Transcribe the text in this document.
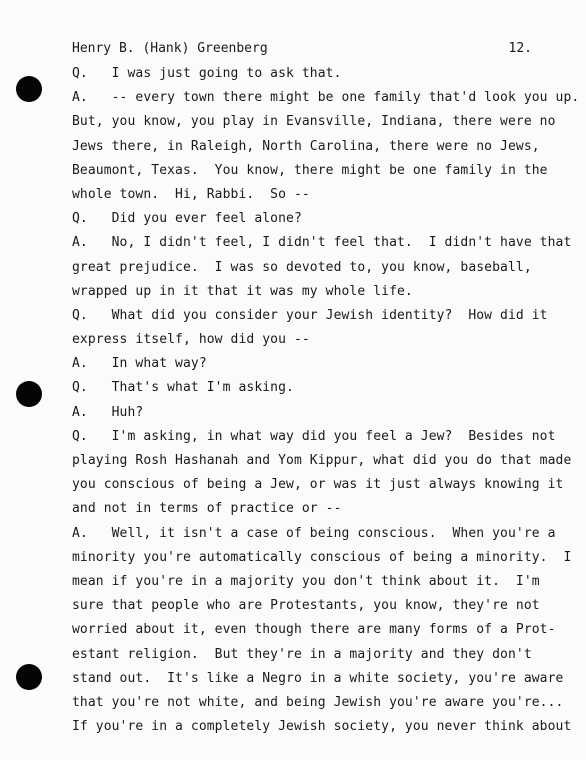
Henry B. (Hank) Greenberg	12.
Q.   I was just going to ask that.
A.   -- every town there might be one family that'd look you up.
But, you know, you play in Evansville, Indiana, there were no
Jews there, in Raleigh, North Carolina, there were no Jews,
Beaumont, Texas.  You know, there might be one family in the
whole town.  Hi, Rabbi.  So --
Q.   Did you ever feel alone?
A.   No, I didn't feel, I didn't feel that.  I didn't have that
great prejudice.  I was so devoted to, you know, baseball,
wrapped up in it that it was my whole life.
Q.   What did you consider your Jewish identity?  How did it
express itself, how did you --
A.   In what way?
Q.   That's what I'm asking.
A.   Huh?
Q.   I'm asking, in what way did you feel a Jew?  Besides not
playing Rosh Hashanah and Yom Kippur, what did you do that made
you conscious of being a Jew, or was it just always knowing it
and not in terms of practice or --
A.   Well, it isn't a case of being conscious.  When you're a
minority you're automatically conscious of being a minority.  I
mean if you're in a majority you don't think about it.  I'm
sure that people who are Protestants, you know, they're not
worried about it, even though there are many forms of a Prot-
estant religion.  But they're in a majority and they don't
stand out.  It's like a Negro in a white society, you're aware
that you're not white, and being Jewish you're aware you're...
If you're in a completely Jewish society, you never think about
